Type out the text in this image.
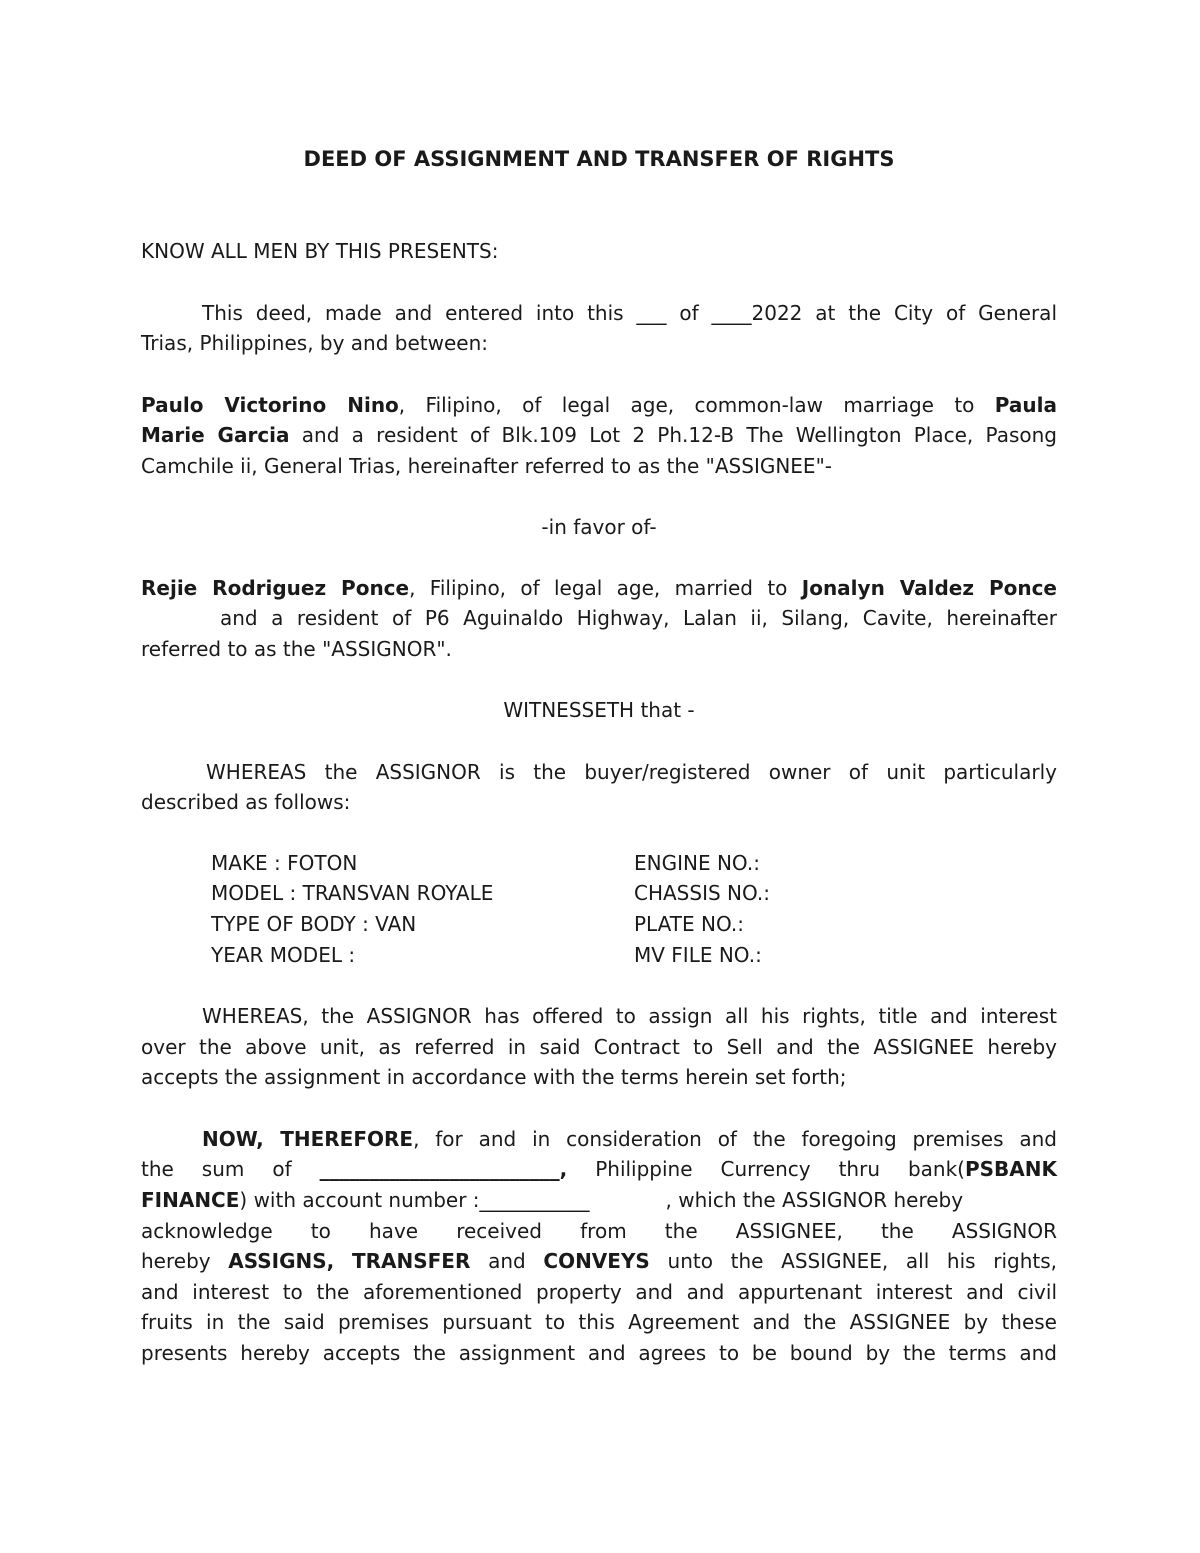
DEED OF ASSIGNMENT AND TRANSFER OF RIGHTS
KNOW ALL MEN BY THIS PRESENTS:
This deed, made and entered into this ___ of ____2022 at the City of General
Trias, Philippines, by and between:
Paulo Victorino Nino, Filipino, of legal age, common-law marriage to Paula
Marie Garcia and a resident of Blk.109 Lot 2 Ph.12-B The Wellington Place, Pasong
Camchile ii, General Trias, hereinafter referred to as the "ASSIGNEE"-
-in favor of-
Rejie Rodriguez Ponce, Filipino, of legal age, married to Jonalyn Valdez Ponce
and a resident of P6 Aguinaldo Highway, Lalan ii, Silang, Cavite, hereinafter
referred to as the "ASSIGNOR".
WITNESSETH that -
WHEREAS the ASSIGNOR is the buyer/registered owner of unit particularly
described as follows:
MAKE : FOTON
MODEL : TRANSVAN ROYALE
TYPE OF BODY : VAN
YEAR MODEL :
ENGINE NO.:
CHASSIS NO.:
PLATE NO.:
MV FILE NO.:
WHEREAS, the ASSIGNOR has offered to assign all his rights, title and interest
over the above unit, as referred in said Contract to Sell and the ASSIGNEE hereby
accepts the assignment in accordance with the terms herein set forth;
NOW, THEREFORE, for and in consideration of the foregoing premises and
the sum of ________________________, Philippine Currency thru bank(PSBANK
FINANCE) with account number :___________	, which the ASSIGNOR hereby
acknowledge to have received from the ASSIGNEE, the ASSIGNOR
hereby ASSIGNS, TRANSFER and CONVEYS unto the ASSIGNEE, all his rights,
and interest to the aforementioned property and and appurtenant interest and civil
fruits in the said premises pursuant to this Agreement and the ASSIGNEE by these
presents hereby accepts the assignment and agrees to be bound by the terms and
